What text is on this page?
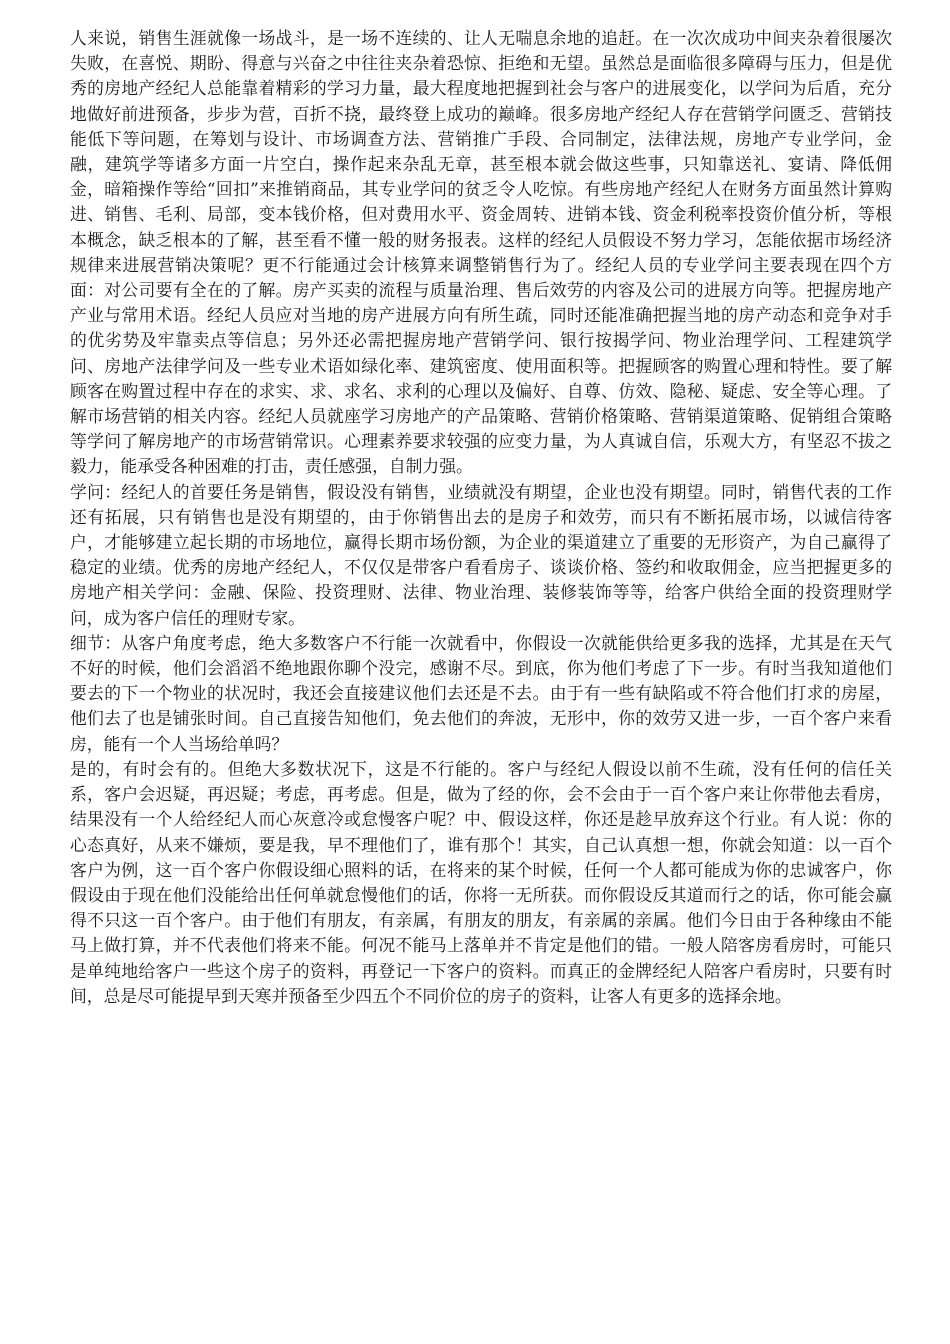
人来说，销售生涯就像一场战斗，是一场不连续的、让人无喘息余地的追赶。在一次次成功中间夹杂着很屡次失败，在喜悦、期盼、得意与兴奋之中往往夹杂着恐惊、拒绝和无望。虽然总是面临很多障碍与压力，但是优秀的房地产经纪人总能靠着精彩的学习力量，最大程度地把握到社会与客户的进展变化，以学问为后盾，充分地做好前进预备，步步为营，百折不挠，最终登上成功的巅峰。很多房地产经纪人存在营销学问匮乏、营销技能低下等问题，在筹划与设计、市场调查方法、营销推广手段、合同制定，法律法规，房地产专业学问，金融，建筑学等诸多方面一片空白，操作起来杂乱无章，甚至根本就会做这些事，只知靠送礼、宴请、降低佣金，暗箱操作等给“回扣”来推销商品，其专业学问的贫乏令人吃惊。有些房地产经纪人在财务方面虽然计算购进、销售、毛利、局部，变本钱价格，但对费用水平、资金周转、进销本钱、资金利税率投资价值分析，等根本概念，缺乏根本的了解，甚至看不懂一般的财务报表。这样的经纪人员假设不努力学习，怎能依据市场经济规律来进展营销决策呢？更不行能通过会计核算来调整销售行为了。经纪人员的专业学问主要表现在四个方面：对公司要有全在的了解。房产买卖的流程与质量治理、售后效劳的内容及公司的进展方向等。把握房地产产业与常用术语。经纪人员应对当地的房产进展方向有所生疏，同时还能准确把握当地的房产动态和竞争对手的优劣势及牢靠卖点等信息；另外还必需把握房地产营销学问、银行按揭学问、物业治理学问、工程建筑学问、房地产法律学问及一些专业术语如绿化率、建筑密度、使用面积等。把握顾客的购置心理和特性。要了解顾客在购置过程中存在的求实、求、求名、求利的心理以及偏好、自尊、仿效、隐秘、疑虑、安全等心理。了解市场营销的相关内容。经纪人员就座学习房地产的产品策略、营销价格策略、营销渠道策略、促销组合策略等学问了解房地产的市场营销常识。心理素养要求较强的应变力量，为人真诚自信，乐观大方，有坚忍不拔之毅力，能承受各种困难的打击，责任感强，自制力强。

学问：经纪人的首要任务是销售，假设没有销售，业绩就没有期望，企业也没有期望。同时，销售代表的工作还有拓展，只有销售也是没有期望的，由于你销售出去的是房子和效劳，而只有不断拓展市场，以诚信待客户，才能够建立起长期的市场地位，赢得长期市场份额，为企业的渠道建立了重要的无形资产，为自己赢得了稳定的业绩。优秀的房地产经纪人，不仅仅是带客户看看房子、谈谈价格、签约和收取佣金，应当把握更多的房地产相关学问：金融、保险、投资理财、法律、物业治理、装修装饰等等，给客户供给全面的投资理财学问，成为客户信任的理财专家。

细节：从客户角度考虑，绝大多数客户不行能一次就看中，你假设一次就能供给更多我的选择，尤其是在天气不好的时候，他们会滔滔不绝地跟你聊个没完，感谢不尽。到底，你为他们考虑了下一步。有时当我知道他们要去的下一个物业的状况时，我还会直接建议他们去还是不去。由于有一些有缺陷或不符合他们打求的房屋，他们去了也是铺张时间。自己直接告知他们，免去他们的奔波，无形中，你的效劳又进一步，一百个客户来看房，能有一个人当场给单吗？

是的，有时会有的。但绝大多数状况下，这是不行能的。客户与经纪人假设以前不生疏，没有任何的信任关系，客户会迟疑，再迟疑；考虑，再考虑。但是，做为了经的你，会不会由于一百个客户来让你带他去看房，结果没有一个人给经纪人而心灰意冷或怠慢客户呢？中、假设这样，你还是趁早放弃这个行业。有人说：你的心态真好，从来不嫌烦，要是我，早不理他们了，谁有那个！其实，自己认真想一想，你就会知道：以一百个客户为例，这一百个客户你假设细心照料的话，在将来的某个时候，任何一个人都可能成为你的忠诚客户，你假设由于现在他们没能给出任何单就怠慢他们的话，你将一无所获。而你假设反其道而行之的话，你可能会赢得不只这一百个客户。由于他们有朋友，有亲属，有朋友的朋友，有亲属的亲属。他们今日由于各种缘由不能马上做打算，并不代表他们将来不能。何况不能马上落单并不肯定是他们的错。一般人陪客房看房时，可能只是单纯地给客户一些这个房子的资料，再登记一下客户的资料。而真正的金牌经纪人陪客户看房时，只要有时间，总是尽可能提早到天寒并预备至少四五个不同价位的房子的资料，让客人有更多的选择余地。
